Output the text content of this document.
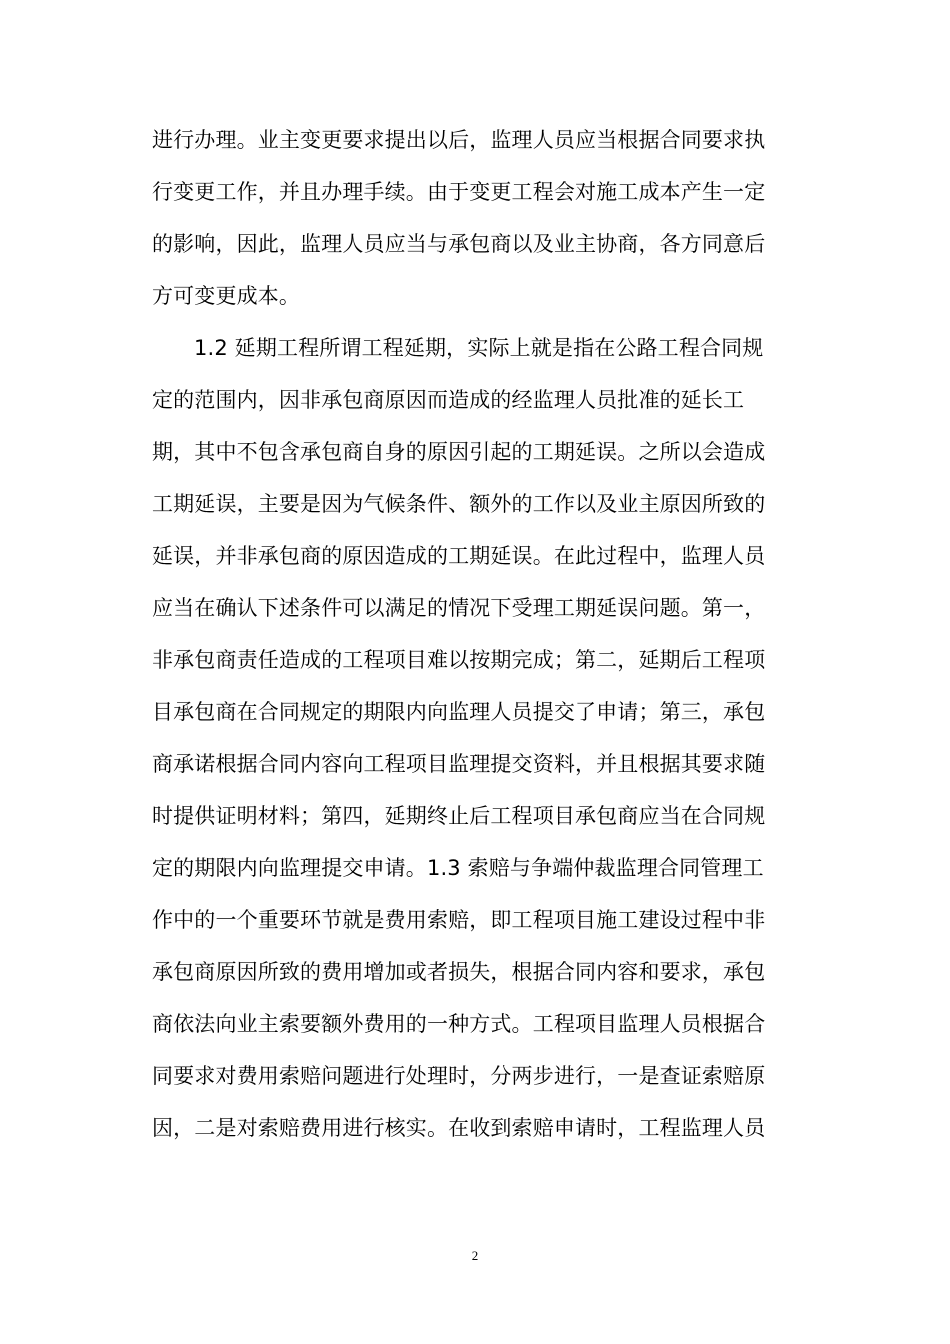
进行办理。业主变更要求提出以后，监理人员应当根据合同要求执
行变更工作，并且办理手续。由于变更工程会对施工成本产生一定
的影响，因此，监理人员应当与承包商以及业主协商，各方同意后
方可变更成本。
1.2 延期工程所谓工程延期，实际上就是指在公路工程合同规
定的范围内，因非承包商原因而造成的经监理人员批准的延长工
期，其中不包含承包商自身的原因引起的工期延误。之所以会造成
工期延误，主要是因为气候条件、额外的工作以及业主原因所致的
延误，并非承包商的原因造成的工期延误。在此过程中，监理人员
应当在确认下述条件可以满足的情况下受理工期延误问题。第一，
非承包商责任造成的工程项目难以按期完成；第二，延期后工程项
目承包商在合同规定的期限内向监理人员提交了申请；第三，承包
商承诺根据合同内容向工程项目监理提交资料，并且根据其要求随
时提供证明材料；第四，延期终止后工程项目承包商应当在合同规
定的期限内向监理提交申请。1.3 索赔与争端仲裁监理合同管理工
作中的一个重要环节就是费用索赔，即工程项目施工建设过程中非
承包商原因所致的费用增加或者损失，根据合同内容和要求，承包
商依法向业主索要额外费用的一种方式。工程项目监理人员根据合
同要求对费用索赔问题进行处理时，分两步进行，一是查证索赔原
因，二是对索赔费用进行核实。在收到索赔申请时，工程监理人员
2
